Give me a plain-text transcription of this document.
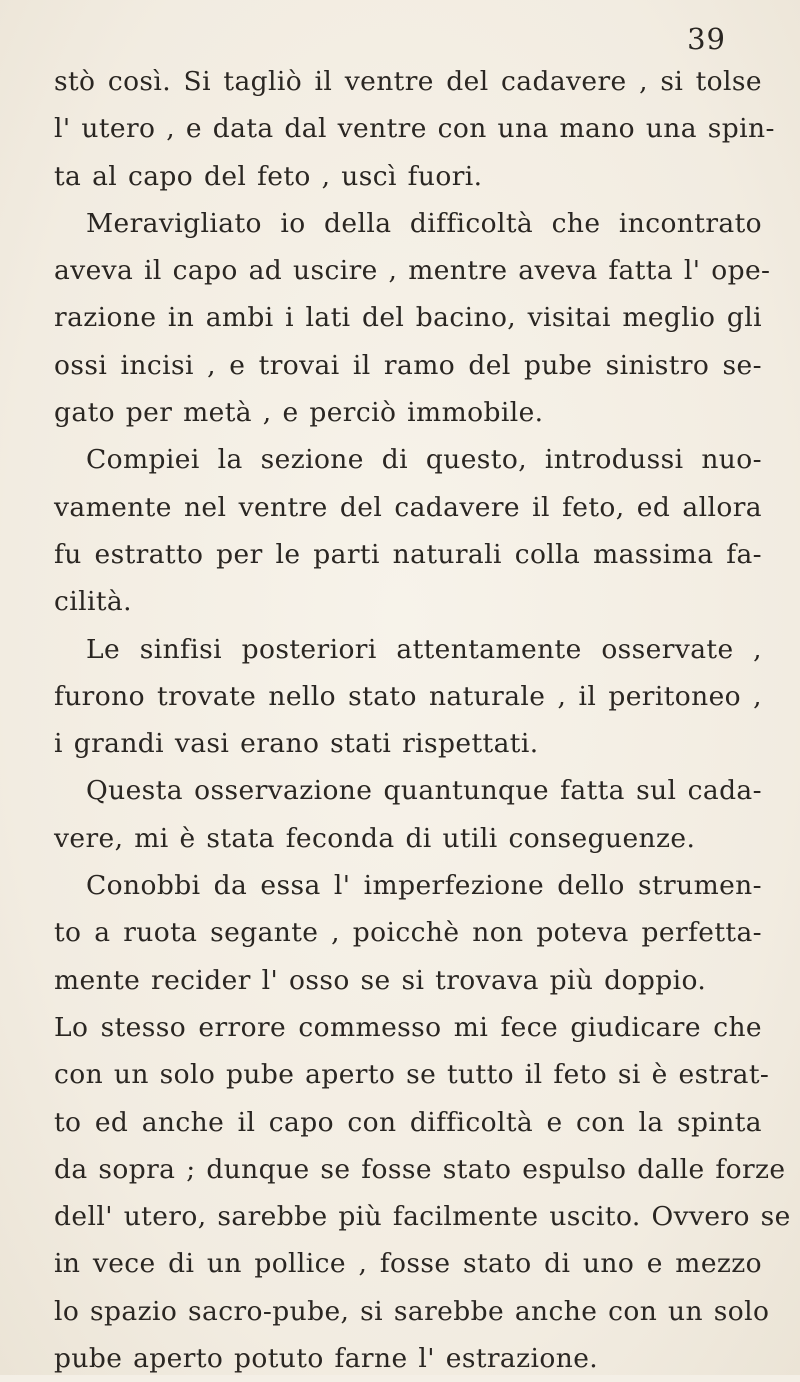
39
stò così. Si tagliò il ventre del cadavere , si tolse
l' utero , e data dal ventre con una mano una spin-
ta al capo del feto , uscì fuori.
Meravigliato io della difficoltà che incontrato
aveva il capo ad uscire , mentre aveva fatta l' ope-
razione in ambi i lati del bacino, visitai meglio gli
ossi incisi , e trovai il ramo del pube sinistro se-
gato per metà , e perciò immobile.
Compiei la sezione di questo, introdussi nuo-
vamente nel ventre del cadavere il feto, ed allora
fu estratto per le parti naturali colla massima fa-
cilità.
Le sinfisi posteriori attentamente osservate ,
furono trovate nello stato naturale , il peritoneo ,
i grandi vasi erano stati rispettati.
Questa osservazione quantunque fatta sul cada-
vere, mi è stata feconda di utili conseguenze.
Conobbi da essa l' imperfezione dello strumen-
to a ruota segante , poicchè non poteva perfetta-
mente recider l' osso se si trovava più doppio.
Lo stesso errore commesso mi fece giudicare che
con un solo pube aperto se tutto il feto si è estrat-
to ed anche il capo con difficoltà e con la spinta
da sopra ; dunque se fosse stato espulso dalle forze
dell' utero, sarebbe più facilmente uscito. Ovvero se
in vece di un pollice , fosse stato di uno e mezzo
lo spazio sacro-pube, si sarebbe anche con un solo
pube aperto potuto farne l' estrazione.
